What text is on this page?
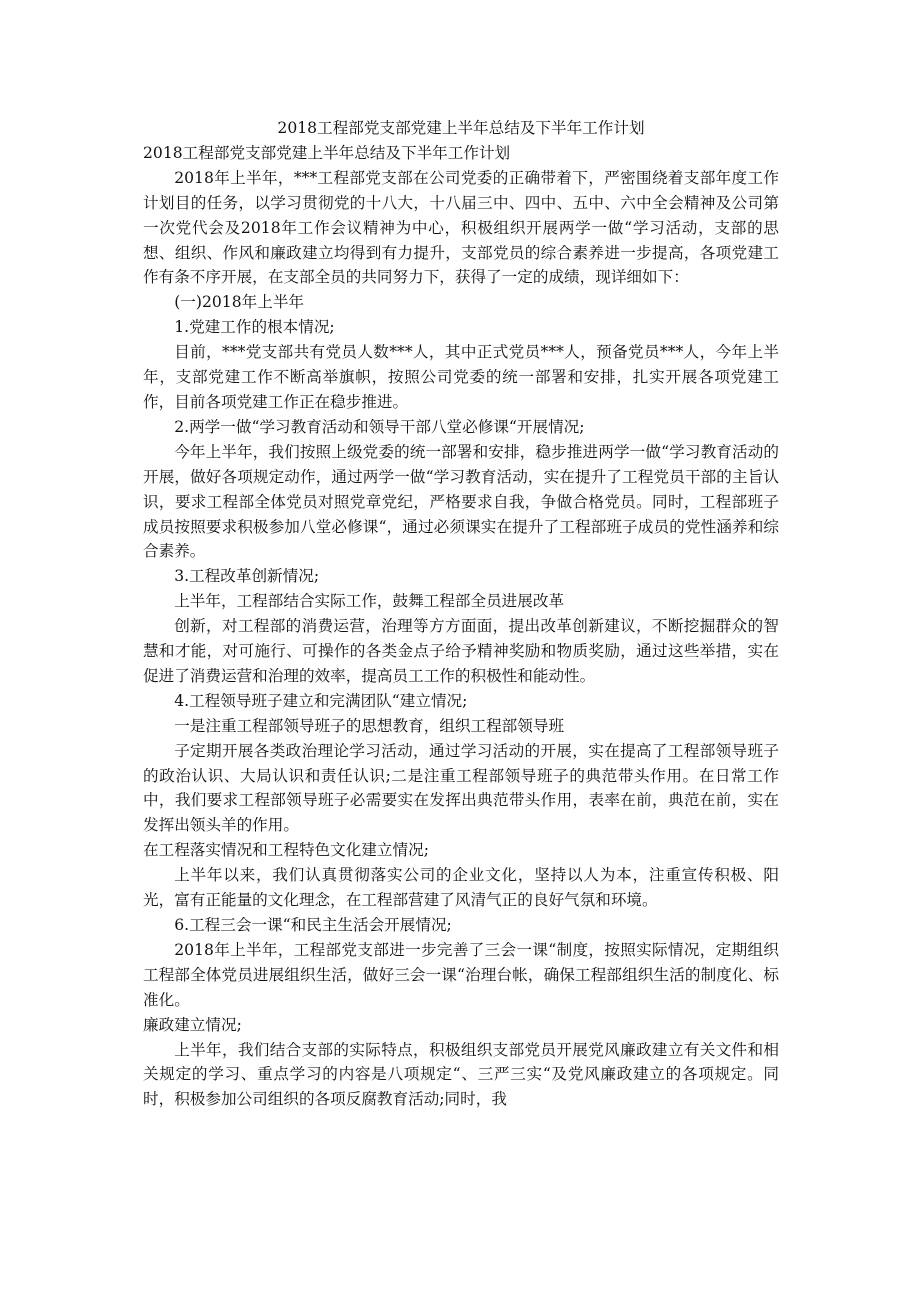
2018工程部党支部党建上半年总结及下半年工作计划
2018工程部党支部党建上半年总结及下半年工作计划

2018年上半年，***工程部党支部在公司党委的正确带着下，严密围绕着支部年度工作计划目的任务，以学习贯彻党的十八大，十八届三中、四中、五中、六中全会精神及公司第一次党代会及2018年工作会议精神为中心，积极组织开展两学一做“学习活动，支部的思想、组织、作风和廉政建立均得到有力提升，支部党员的综合素养进一步提高，各项党建工作有条不序开展，在支部全员的共同努力下，获得了一定的成绩，现详细如下：

(一)2018年上半年

1.党建工作的根本情况;

目前，***党支部共有党员人数***人，其中正式党员***人，预备党员***人，今年上半年，支部党建工作不断高举旗帜，按照公司党委的统一部署和安排，扎实开展各项党建工作，目前各项党建工作正在稳步推进。

2.两学一做“学习教育活动和领导干部八堂必修课“开展情况;

今年上半年，我们按照上级党委的统一部署和安排，稳步推进两学一做“学习教育活动的开展，做好各项规定动作，通过两学一做“学习教育活动，实在提升了工程党员干部的主旨认识，要求工程部全体党员对照党章党纪，严格要求自我，争做合格党员。同时，工程部班子成员按照要求积极参加八堂必修课“，通过必须课实在提升了工程部班子成员的党性涵养和综合素养。

3.工程改革创新情况;

上半年，工程部结合实际工作，鼓舞工程部全员进展改革

创新，对工程部的消费运营，治理等方方面面，提出改革创新建议，不断挖掘群众的智慧和才能，对可施行、可操作的各类金点子给予精神奖励和物质奖励，通过这些举措，实在促进了消费运营和治理的效率，提高员工工作的积极性和能动性。

4.工程领导班子建立和完满团队“建立情况;

一是注重工程部领导班子的思想教育，组织工程部领导班

子定期开展各类政治理论学习活动，通过学习活动的开展，实在提高了工程部领导班子的政治认识、大局认识和责任认识;二是注重工程部领导班子的典范带头作用。在日常工作中，我们要求工程部领导班子必需要实在发挥出典范带头作用，表率在前，典范在前，实在发挥出领头羊的作用。

在工程落实情况和工程特色文化建立情况;

上半年以来，我们认真贯彻落实公司的企业文化，坚持以人为本，注重宣传积极、阳光，富有正能量的文化理念，在工程部营建了风清气正的良好气氛和环境。

6.工程三会一课“和民主生活会开展情况;

2018年上半年，工程部党支部进一步完善了三会一课“制度，按照实际情况，定期组织工程部全体党员进展组织生活，做好三会一课“治理台帐，确保工程部组织生活的制度化、标准化。

廉政建立情况;

上半年，我们结合支部的实际特点，积极组织支部党员开展党风廉政建立有关文件和相关规定的学习、重点学习的内容是八项规定“、三严三实“及党风廉政建立的各项规定。同时，积极参加公司组织的各项反腐教育活动;同时，我
